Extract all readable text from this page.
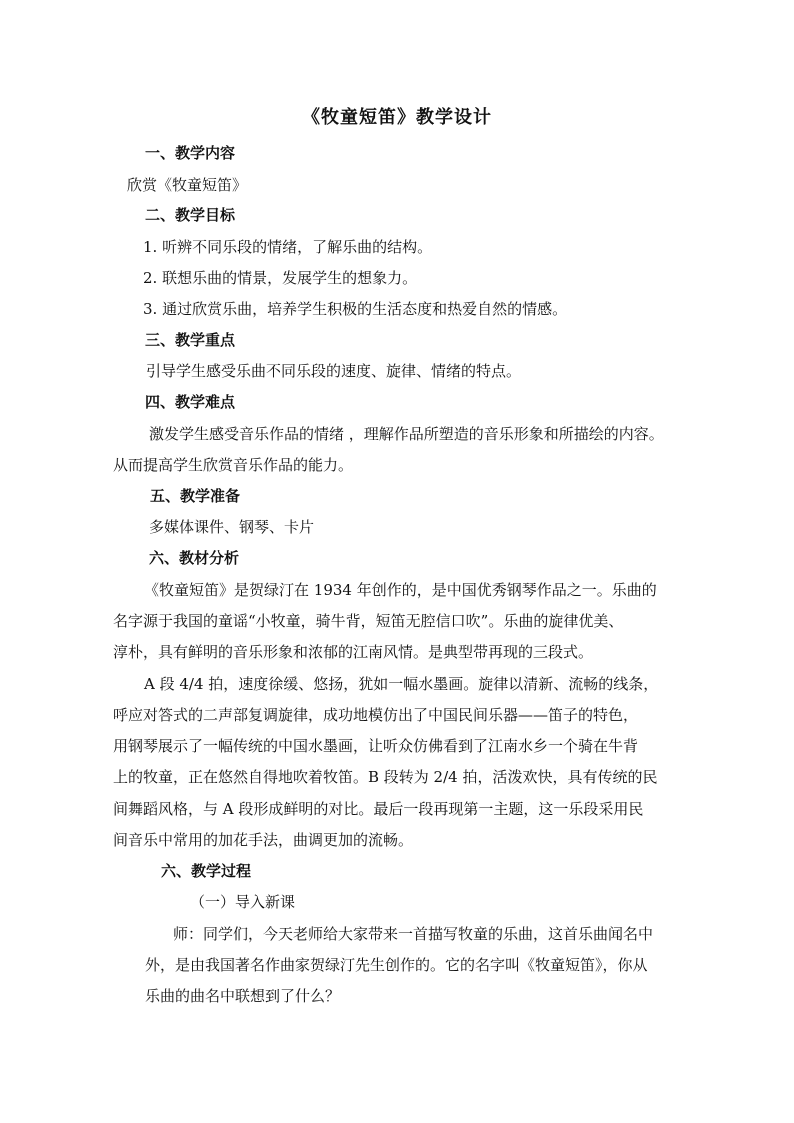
《牧童短笛》教学设计
一、教学内容
欣赏《牧童短笛》
二、教学目标
1. 听辨不同乐段的情绪，了解乐曲的结构。
2. 联想乐曲的情景，发展学生的想象力。
3. 通过欣赏乐曲，培养学生积极的生活态度和热爱自然的情感。
三、教学重点
引导学生感受乐曲不同乐段的速度、旋律、情绪的特点。
四、教学难点
激发学生感受音乐作品的情绪 ，理解作品所塑造的音乐形象和所描绘的内容。
从而提高学生欣赏音乐作品的能力。
五、教学准备
多媒体课件、钢琴、卡片
六、教材分析
《牧童短笛》是贺绿汀在 1934 年创作的，是中国优秀钢琴作品之一。乐曲的
名字源于我国的童谣“小牧童，骑牛背，短笛无腔信口吹”。乐曲的旋律优美、
淳朴，具有鲜明的音乐形象和浓郁的江南风情。是典型带再现的三段式。
A 段 4/4 拍，速度徐缓、悠扬，犹如一幅水墨画。旋律以清新、流畅的线条，
呼应对答式的二声部复调旋律，成功地模仿出了中国民间乐器——笛子的特色，
用钢琴展示了一幅传统的中国水墨画，让听众仿佛看到了江南水乡一个骑在牛背
上的牧童，正在悠然自得地吹着牧笛。B 段转为 2/4 拍，活泼欢快，具有传统的民
间舞蹈风格，与 A 段形成鲜明的对比。最后一段再现第一主题，这一乐段采用民
间音乐中常用的加花手法，曲调更加的流畅。
六、教学过程
（一）导入新课
师：同学们，今天老师给大家带来一首描写牧童的乐曲，这首乐曲闻名中
外，是由我国著名作曲家贺绿汀先生创作的。它的名字叫《牧童短笛》，你从
乐曲的曲名中联想到了什么？
